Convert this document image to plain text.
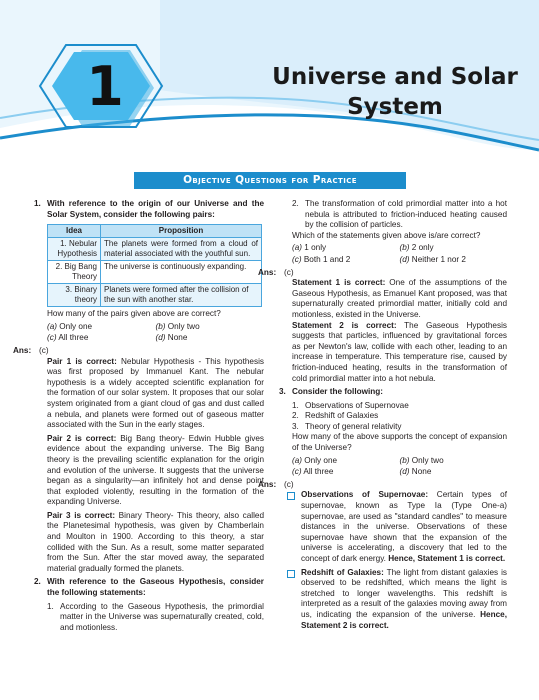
1	Universe and Solar
System
Objective Questions for Practice
1. With reference to the origin of our Universe and the Solar System, consider the following pairs:
Idea	Proposition
1. Nebular Hypothesis	The planets were formed from a cloud of material associated with the youthful sun.
2. Big Bang Theory	The universe is continuously expanding.
3. Binary theory	Planets were formed after the collision of the sun with another star.

How many of the pairs given above are correct?

(a) Only one	(b) Only two
(c) All three	(d) None
Ans: (c)

Pair 1 is correct: Nebular Hypothesis - This hypothesis was first proposed by Immanuel Kant. The nebular hypothesis is a widely accepted scientific explanation for the formation of our solar system. It proposes that our solar system originated from a giant cloud of gas and dust called a nebula, and planets were formed out of gaseous matter associated with the Sun in the early stages.

Pair 2 is correct: Big Bang theory- Edwin Hubble gives evidence about the expanding universe. The Big Bang theory is the prevailing scientific explanation for the origin and evolution of the universe. It suggests that the universe began as a singularity—an infinitely hot and dense point that exploded violently, resulting in the formation of the expanding Universe.

Pair 3 is correct: Binary Theory- This theory, also called the Planetesimal hypothesis, was given by Chamberlain and Moulton in 1900. According to this theory, a star collided with the Sun. As a result, some matter separated from the Sun. After the star moved away, the separated material gradually formed the planets.

2. With reference to the Gaseous Hypothesis, consider the following statements:
1. According to the Gaseous Hypothesis, the primordial matter in the Universe was supernaturally created, cold, and motionless.
2. The transformation of cold primordial matter into a hot nebula is attributed to friction-induced heating caused by the collision of particles.

Which of the statements given above is/are correct?

(a) 1 only	(b) 2 only
(c) Both 1 and 2	(d) Neither 1 nor 2
Ans: (c)

Statement 1 is correct: One of the assumptions of the Gaseous Hypothesis, as Emanuel Kant proposed, was that supernaturally created primordial matter, initially cold and motionless, existed in the Universe.

Statement 2 is correct: The Gaseous Hypothesis suggests that particles, influenced by gravitational forces as per Newton's law, collide with each other, leading to an increase in temperature. This temperature rise, caused by friction-induced heating, results in the transformation of cold primordial matter into a hot nebula.

3. Consider the following:
1. Observations of Supernovae
2. Redshift of Galaxies
3. Theory of general relativity

How many of the above supports the concept of expansion of the Universe?

(a) Only one	(b) Only two
(c) All three	(d) None
Ans: (c)

Observations of Supernovae: Certain types of supernovae, known as Type Ia (Type One-a) supernovae, are used as "standard candles" to measure distances in the universe. Observations of these supernovae have shown that the expansion of the universe is accelerating, a discovery that led to the concept of dark energy. Hence, Statement 1 is correct.

Redshift of Galaxies: The light from distant galaxies is observed to be redshifted, which means the light is stretched to longer wavelengths. This redshift is interpreted as a result of the galaxies moving away from us, indicating the expansion of the universe. Hence, Statement 2 is correct.
